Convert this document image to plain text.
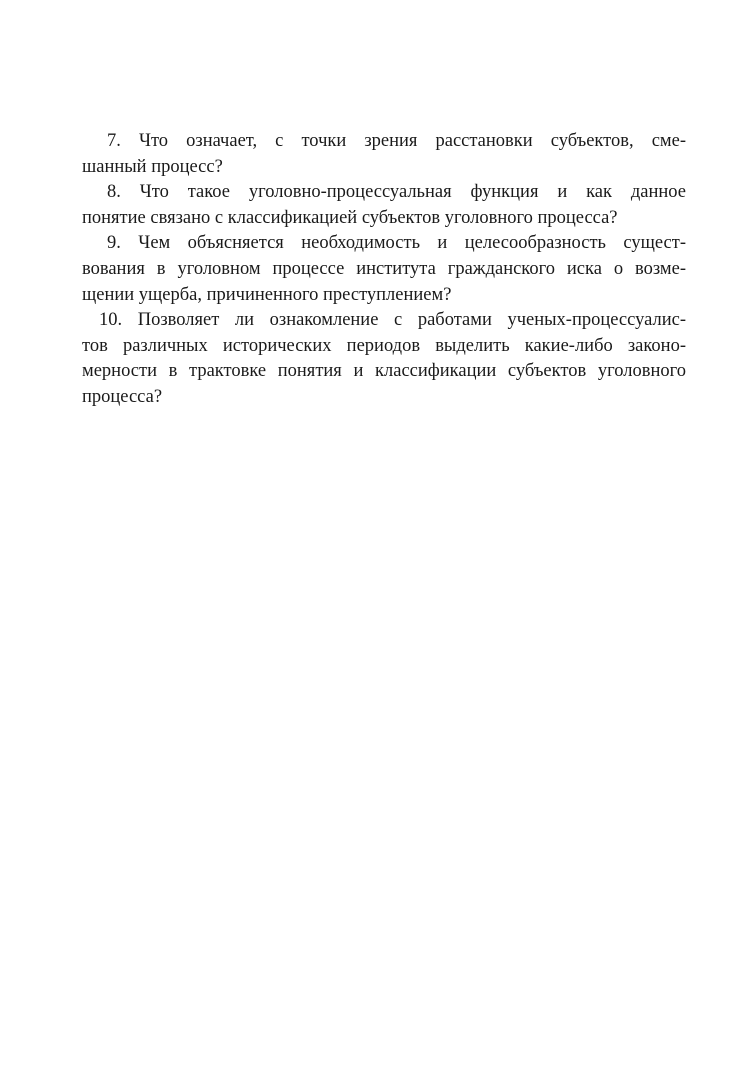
7. Что означает, с точки зрения расстановки субъектов, сме-
шанный процесс?
8. Что такое уголовно-процессуальная функция и как данное
понятие связано с классификацией субъектов уголовного процесса?
9. Чем объясняется необходимость и целесообразность сущест-
вования в уголовном процессе института гражданского иска о возме-
щении ущерба, причиненного преступлением?
10. Позволяет ли ознакомление с работами ученых-процессуалис-
тов различных исторических периодов выделить какие-либо законо-
мерности в трактовке понятия и классификации субъектов уголовного
процесса?
